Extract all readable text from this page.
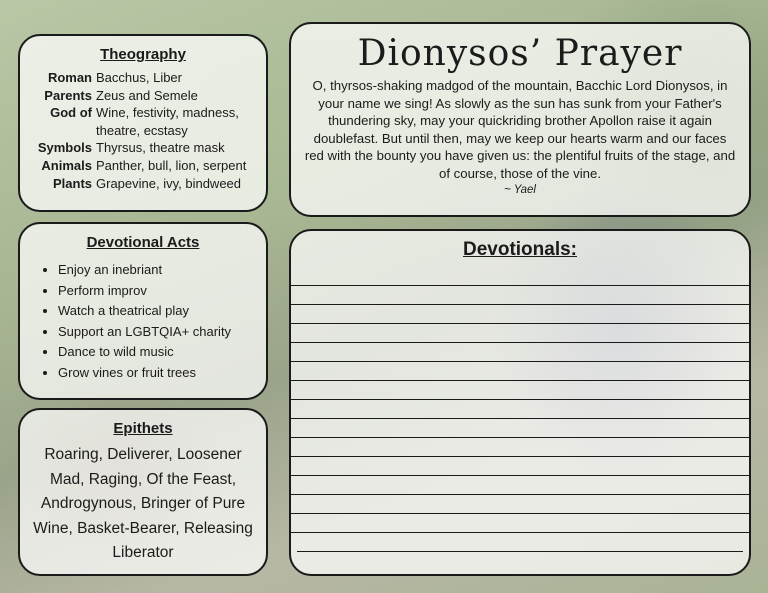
Theography
Roman Bacchus, Liber
Parents Zeus and Semele
God of Wine, festivity, madness, theatre, ecstasy
Symbols Thyrsus, theatre mask
Animals Panther, bull, lion, serpent
Plants Grapevine, ivy, bindweed
Devotional Acts
• Enjoy an inebriant
• Perform improv
• Watch a theatrical play
• Support an LGBTQIA+ charity
• Dance to wild music
• Grow vines or fruit trees
Epithets
Roaring, Deliverer, Loosener Mad, Raging, Of the Feast, Androgynous, Bringer of Pure Wine, Basket-Bearer, Releasing Liberator
Dionysos’ Prayer
O, thyrsos-shaking madgod of the mountain, Bacchic Lord Dionysos, in your name we sing! As slowly as the sun has sunk from your Father's thundering sky, may your quickriding brother Apollon raise it again doublefast. But until then, may we keep our hearts warm and our faces red with the bounty you have given us: the plentiful fruits of the stage, and of course, those of the vine.
~ Yael
Devotionals:
